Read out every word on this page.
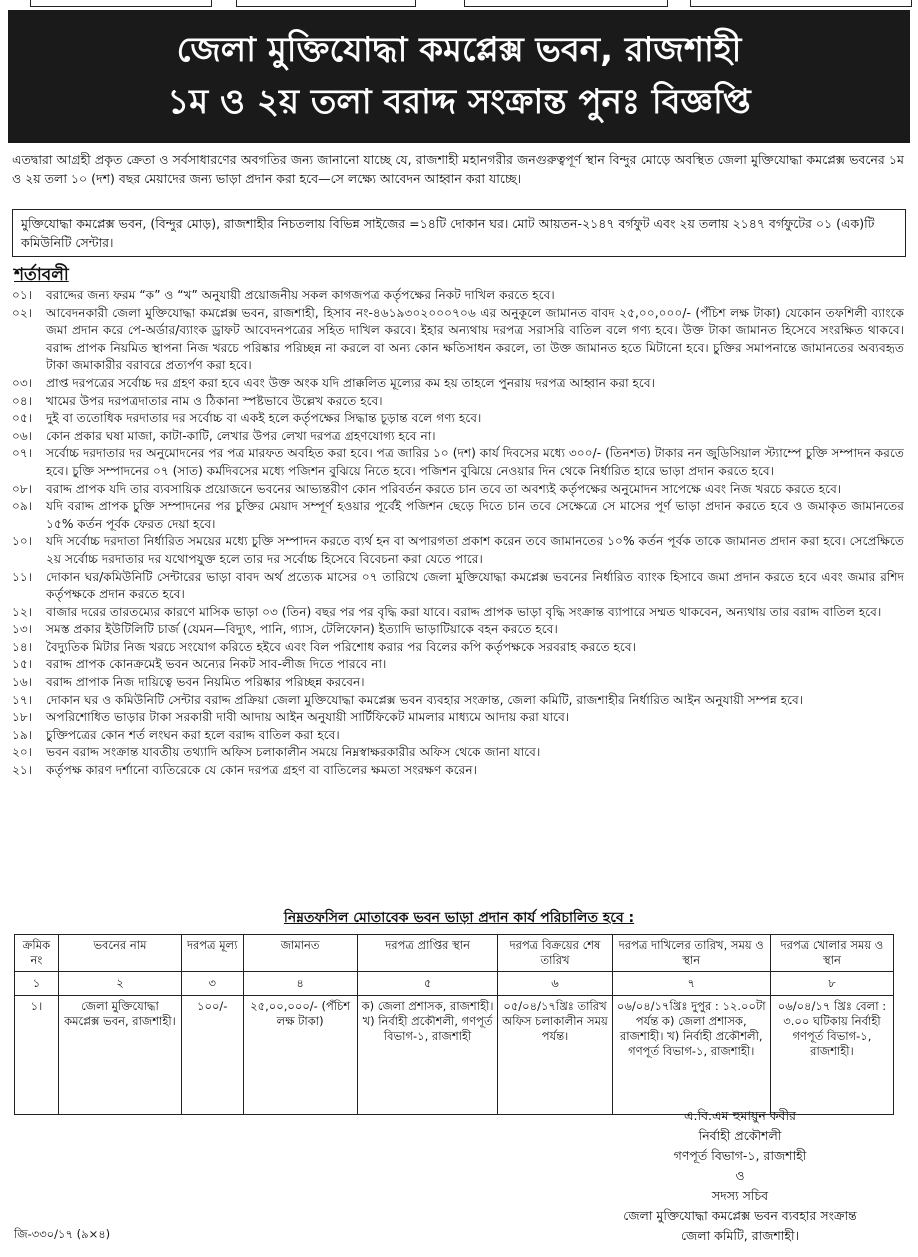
জেলা মুক্তিযোদ্ধা কমপ্লেক্স ভবন, রাজশাহী
১ম ও ২য় তলা বরাদ্দ সংক্রান্ত পুনঃ বিজ্ঞপ্তি
এতদ্বারা আগ্রহী প্রকৃত ক্রেতা ও সর্বসাধারণের অবগতির জন্য জানানো যাচ্ছে যে, রাজশাহী মহানগরীর জনগুরুত্বপূর্ণ স্থান বিন্দুর মোড়ে অবস্থিত জেলা মুক্তিযোদ্ধা কমপ্লেক্স ভবনের ১ম ও ২য় তলা ১০ (দশ) বছর মেয়াদের জন্য ভাড়া প্রদান করা হবে—সে লক্ষ্যে আবেদন আহ্বান করা যাচ্ছে।
মুক্তিযোদ্ধা কমপ্লেক্স ভবন, (বিন্দুর মোড়), রাজশাহীর নিচতলায় বিভিন্ন সাইজের =১৪টি দোকান ঘর। মোট আয়তন-২১৪৭ বর্গফুট এবং ২য় তলায় ২১৪৭ বর্গফুটের ০১ (এক)টি কমিউনিটি সেন্টার।
শর্তাবলী
০১।	বরাদ্দের জন্য ফরম “ক” ও “খ” অনুযায়ী প্রয়োজনীয় সকল কাগজপত্র কর্তৃপক্ষের নিকট দাখিল করতে হবে।
০২।	আবেদনকারী জেলা মুক্তিযোদ্ধা কমপ্লেক্স ভবন, রাজশাহী, হিসাব নং-৪৬১৯৩০২০০০৭০৬ এর অনুকূলে জামানত বাবদ ২৫,০০,০০০/- (পঁচিশ লক্ষ টাকা) যেকোন তফশিলী ব্যাংকে জমা প্রদান করে পে-অর্ডার/ব্যাংক ড্রাফট আবেদনপত্রের সহিত দাখিল করবে। ইহার অন্যথায় দরপত্র সরাসরি বাতিল বলে গণ্য হবে। উক্ত টাকা জামানত হিসেবে সংরক্ষিত থাকবে। বরাদ্দ প্রাপক নিয়মিত স্থাপনা নিজ খরচে পরিষ্কার পরিচ্ছন্ন না করলে বা অন্য কোন ক্ষতিসাধন করলে, তা উক্ত জামানত হতে মিটানো হবে। চুক্তির সমাপনান্তে জামানতের অব্যবহৃত টাকা জমাকারীর বরাবরে প্রত্যর্পণ করা হবে।
০৩।	প্রাপ্ত দরপত্রের সর্বোচ্চ দর গ্রহণ করা হবে এবং উক্ত অংক যদি প্রাক্কলিত মূল্যের কম হয় তাহলে পুনরায় দরপত্র আহ্বান করা হবে।
০৪।	খামের উপর দরপত্রদাতার নাম ও ঠিকানা স্পষ্টভাবে উল্লেখ করতে হবে।
০৫।	দুই বা ততোধিক দরদাতার দর সর্বোচ্চ বা একই হলে কর্তৃপক্ষের সিদ্ধান্ত চূড়ান্ত বলে গণ্য হবে।
০৬।	কোন প্রকার ঘষা মাজা, কাটা-কাটি, লেখার উপর লেখা দরপত্র গ্রহণযোগ্য হবে না।
০৭।	সর্বোচ্চ দরদাতার দর অনুমোদনের পর পত্র মারফত অবহিত করা হবে। পত্র জারির ১০ (দশ) কার্য দিবসের মধ্যে ৩০০/- (তিনশত) টাকার নন জুডিসিয়াল স্ট্যাম্পে চুক্তি সম্পাদন করতে হবে। চুক্তি সম্পাদনের ০৭ (সাত) কর্মদিবসের মধ্যে পজিশন বুঝিয়ে নিতে হবে। পজিশন বুঝিয়ে নেওয়ার দিন থেকে নির্ধারিত হারে ভাড়া প্রদান করতে হবে।
০৮।	বরাদ্দ প্রাপক যদি তার ব্যবসায়িক প্রয়োজনে ভবনের আভ্যন্তরীণ কোন পরিবর্তন করতে চান তবে তা অবশ্যই কর্তৃপক্ষের অনুমোদন সাপেক্ষে এবং নিজ খরচে করতে হবে।
০৯।	যদি বরাদ্দ প্রাপক চুক্তি সম্পাদনের পর চুক্তির মেয়াদ সম্পূর্ণ হওয়ার পূর্বেই পজিশন ছেড়ে দিতে চান তবে সেক্ষেত্রে সে মাসের পূর্ণ ভাড়া প্রদান করতে হবে ও জমাকৃত জামানতের ১৫% কর্তন পূর্বক ফেরত দেয়া হবে।
১০।	যদি সর্বোচ্চ দরদাতা নির্ধারিত সময়ের মধ্যে চুক্তি সম্পাদন করতে ব্যর্থ হন বা অপারগতা প্রকাশ করেন তবে জামানতের ১০% কর্তন পূর্বক তাকে জামানত প্রদান করা হবে। সেপ্রেক্ষিতে ২য় সর্বোচ্চ দরদাতার দর যথোপযুক্ত হলে তার দর সর্বোচ্চ হিসেবে বিবেচনা করা যেতে পারে।
১১।	দোকান ঘর/কমিউনিটি সেন্টারের ভাড়া বাবদ অর্থ প্রত্যেক মাসের ০৭ তারিখে জেলা মুক্তিযোদ্ধা কমপ্লেক্স ভবনের নির্ধারিত ব্যাংক হিসাবে জমা প্রদান করতে হবে এবং জমার রশিদ কর্তৃপক্ষকে প্রদান করতে হবে।
১২।	বাজার দরের তারতম্যের কারণে মাসিক ভাড়া ০৩ (তিন) বছর পর পর বৃদ্ধি করা যাবে। বরাদ্দ প্রাপক ভাড়া বৃদ্ধি সংক্রান্ত ব্যাপারে সম্মত থাকবেন, অন্যথায় তার বরাদ্দ বাতিল হবে।
১৩।	সমস্ত প্রকার ইউটিলিটি চার্জ (যেমন—বিদ্যুৎ, পানি, গ্যাস, টেলিফোন) ইত্যাদি ভাড়াটিয়াকে বহন করতে হবে।
১৪।	বৈদ্যুতিক মিটার নিজ খরচে সংযোগ করিতে হইবে এবং বিল পরিশোধ করার পর বিলের কপি কর্তৃপক্ষকে সরবরাহ করতে হবে।
১৫।	বরাদ্দ প্রাপক কোনক্রমেই ভবন অন্যের নিকট সাব-লীজ দিতে পারবে না।
১৬।	বরাদ্দ প্রাপাক নিজ দায়িত্বে ভবন নিয়মিত পরিষ্কার পরিচ্ছন্ন করবেন।
১৭।	দোকান ঘর ও কমিউনিটি সেন্টার বরাদ্দ প্রক্রিয়া জেলা মুক্তিযোদ্ধা কমপ্লেক্স ভবন ব্যবহার সংক্রান্ত, জেলা কমিটি, রাজশাহীর নির্ধারিত আইন অনুযায়ী সম্পন্ন হবে।
১৮।	অপরিশোধিত ভাড়ার টাকা সরকারী দাবী আদায় আইন অনুযায়ী সার্টিফিকেট মামলার মাধ্যমে আদায় করা যাবে।
১৯।	চুক্তিপত্রের কোন শর্ত লংঘন করা হলে বরাদ্দ বাতিল করা হবে।
২০।	ভবন বরাদ্দ সংক্রান্ত যাবতীয় তথ্যাদি অফিস চলাকালীন সময়ে নিম্নস্বাক্ষরকারীর অফিস থেকে জানা যাবে।
২১।	কর্তৃপক্ষ কারণ দর্শানো ব্যতিরেকে যে কোন দরপত্র গ্রহণ বা বাতিলের ক্ষমতা সংরক্ষণ করেন।
নিম্নতফসিল মোতাবেক ভবন ভাড়া প্রদান কার্য পরিচালিত হবে :
ক্রমিক নং	ভবনের নাম	দরপত্র মূল্য	জামানত	দরপত্র প্রাপ্তির স্থান	দরপত্র বিক্রয়ের শেষ তারিখ	দরপত্র দাখিলের তারিখ, সময় ও স্থান	দরপত্র খোলার সময় ও স্থান
১	২	৩	৪	৫	৬	৭	৮
১।	জেলা মুক্তিযোদ্ধা কমপ্লেক্স ভবন, রাজশাহী।	১০০/-	২৫,০০,০০০/- (পঁচিশ লক্ষ টাকা)	ক) জেলা প্রশাসক, রাজশাহী। খ) নির্বাহী প্রকৌশলী, গণপূর্ত বিভাগ-১, রাজশাহী	০৫/০৪/১৭খ্রিঃ তারিখ অফিস চলাকালীন সময় পর্যন্ত।	০৬/০৪/১৭খ্রিঃ দুপুর : ১২.০০টা পর্যন্ত ক) জেলা প্রশাসক, রাজশাহী। খ) নির্বাহী প্রকৌশলী, গণপূর্ত বিভাগ-১, রাজশাহী।	০৬/০৪/১৭ খ্রিঃ বেলা : ৩.০০ ঘটিকায় নির্বাহী গণপূর্ত বিভাগ-১, রাজশাহী।
এ.বি.এম হুমায়ুন কবীর
নির্বাহী প্রকৌশলী
গণপূর্ত বিভাগ-১, রাজশাহী
ও
সদস্য সচিব
জেলা মুক্তিযোদ্ধা কমপ্লেক্স ভবন ব্যবহার সংক্রান্ত
জেলা কমিটি, রাজশাহী।
জি-৩৩০/১৭ (৯×৪)
